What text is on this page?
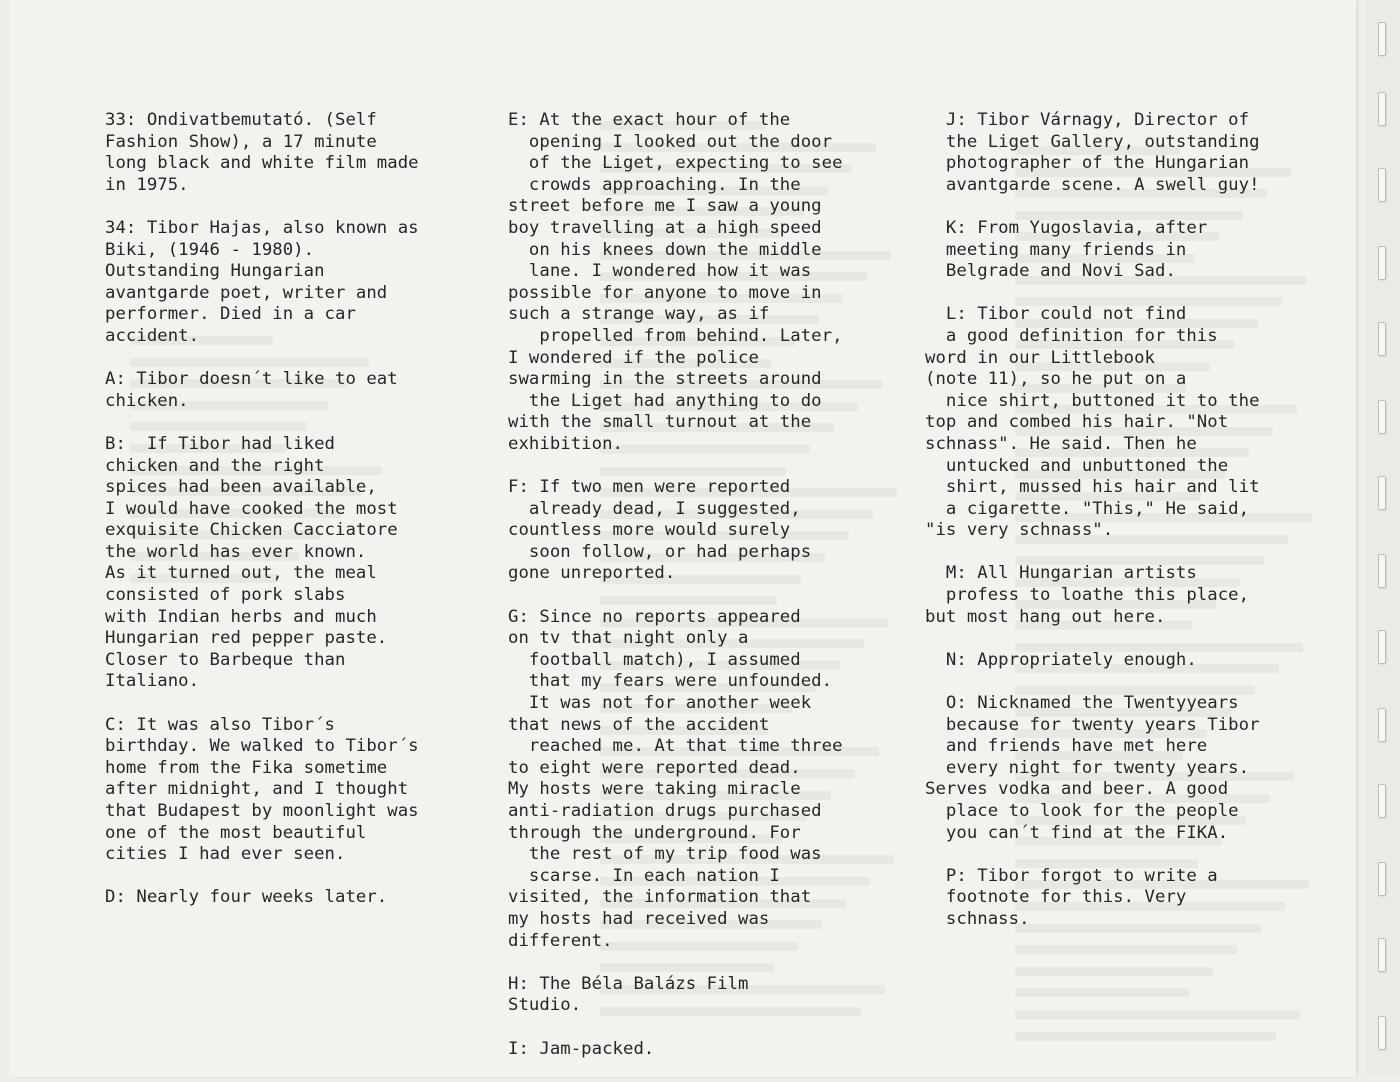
33: Ondivatbemutató. (Self
Fashion Show), a 17 minute
long black and white film made
in 1975.
34: Tibor Hajas, also known as
Biki, (1946 - 1980).
Outstanding Hungarian
avantgarde poet, writer and
performer. Died in a car
accident.
A: Tibor doesn´t like to eat
chicken.
B:  If Tibor had liked
chicken and the right
spices had been available,
I would have cooked the most
exquisite Chicken Cacciatore
the world has ever known.
As it turned out, the meal
consisted of pork slabs
with Indian herbs and much
Hungarian red pepper paste.
Closer to Barbeque than
Italiano.
C: It was also Tibor´s
birthday. We walked to Tibor´s
home from the Fika sometime
after midnight, and I thought
that Budapest by moonlight was
one of the most beautiful
cities I had ever seen.
D: Nearly four weeks later.
E: At the exact hour of the
opening I looked out the door
of the Liget, expecting to see
crowds approaching. In the
street before me I saw a young
boy travelling at a high speed
on his knees down the middle
lane. I wondered how it was
possible for anyone to move in
such a strange way, as if
propelled from behind. Later,
I wondered if the police
swarming in the streets around
the Liget had anything to do
with the small turnout at the
exhibition.
F: If two men were reported
already dead, I suggested,
countless more would surely
soon follow, or had perhaps
gone unreported.
G: Since no reports appeared
on tv that night only a
football match), I assumed
that my fears were unfounded.
It was not for another week
that news of the accident
reached me. At that time three
to eight were reported dead.
My hosts were taking miracle
anti-radiation drugs purchased
through the underground. For
the rest of my trip food was
scarse. In each nation I
visited, the information that
my hosts had received was
different.
H: The Béla Balázs Film
Studio.
I: Jam-packed.
J: Tibor Várnagy, Director of
the Liget Gallery, outstanding
photographer of the Hungarian
avantgarde scene. A swell guy!
K: From Yugoslavia, after
meeting many friends in
Belgrade and Novi Sad.
L: Tibor could not find
a good definition for this
word in our Littlebook
(note 11), so he put on a
nice shirt, buttoned it to the
top and combed his hair. "Not
schnass". He said. Then he
untucked and unbuttoned the
shirt, mussed his hair and lit
a cigarette. "This," He said,
"is very schnass".
M: All Hungarian artists
profess to loathe this place,
but most hang out here.
N: Appropriately enough.
O: Nicknamed the Twentyyears
because for twenty years Tibor
and friends have met here
every night for twenty years.
Serves vodka and beer. A good
place to look for the people
you can´t find at the FIKA.
P: Tibor forgot to write a
footnote for this. Very
schnass.
